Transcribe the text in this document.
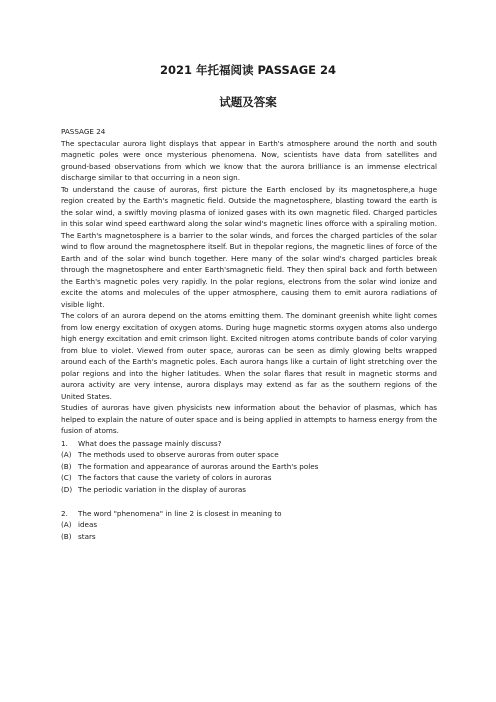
2021 年托福阅读 PASSAGE 24
试题及答案

PASSAGE 24

The spectacular aurora light displays that appear in Earth's atmosphere around the north and south magnetic poles were once mysterious phenomena. Now, scientists have data from satellites and ground-based observations from which we know that the aurora brilliance is an immense electrical discharge similar to that occurring in a neon sign.

To understand the cause of auroras, first picture the Earth enclosed by its magnetosphere,a huge region created by the Earth's magnetic field. Outside the magnetosphere, blasting toward the earth is the solar wind, a swiftly moving plasma of ionized gases with its own magnetic filed. Charged particles in this solar wind speed earthward along the solar wind's magnetic lines offorce with a spiraling motion. The Earth's magnetosphere is a barrier to the solar winds, and forces the charged particles of the solar wind to flow around the magnetosphere itself. But in thepolar regions, the magnetic lines of force of the Earth and of the solar wind bunch together. Here many of the solar wind's charged particles break through the magnetosphere and enter Earth'smagnetic field. They then spiral back and forth between the Earth's magnetic poles very rapidly. In the polar regions, electrons from the solar wind ionize and excite the atoms and molecules of the upper atmosphere, causing them to emit aurora radiations of visible light.

The colors of an aurora depend on the atoms emitting them. The dominant greenish white light comes from low energy excitation of oxygen atoms. During huge magnetic storms oxygen atoms also undergo high energy excitation and emit crimson light. Excited nitrogen atoms contribute bands of color varying from blue to violet. Viewed from outer space, auroras can be seen as dimly glowing belts wrapped around each of the Earth's magnetic poles. Each aurora hangs like a curtain of light stretching over the polar regions and into the higher latitudes. When the solar flares that result in magnetic storms and aurora activity are very intense, aurora displays may extend as far as the southern regions of the United States.

Studies of auroras have given physicists new information about the behavior of plasmas, which has helped to explain the nature of outer space and is being applied in attempts to harness energy from the fusion of atoms.

1. What does the passage mainly discuss?

(A) The methods used to observe auroras from outer space
(B) The formation and appearance of auroras around the Earth's poles
(C) The factors that cause the variety of colors in auroras
(D) The periodic variation in the display of auroras

2. The word "phenomena" in line 2 is closest in meaning to

(A) ideas
(B) stars
